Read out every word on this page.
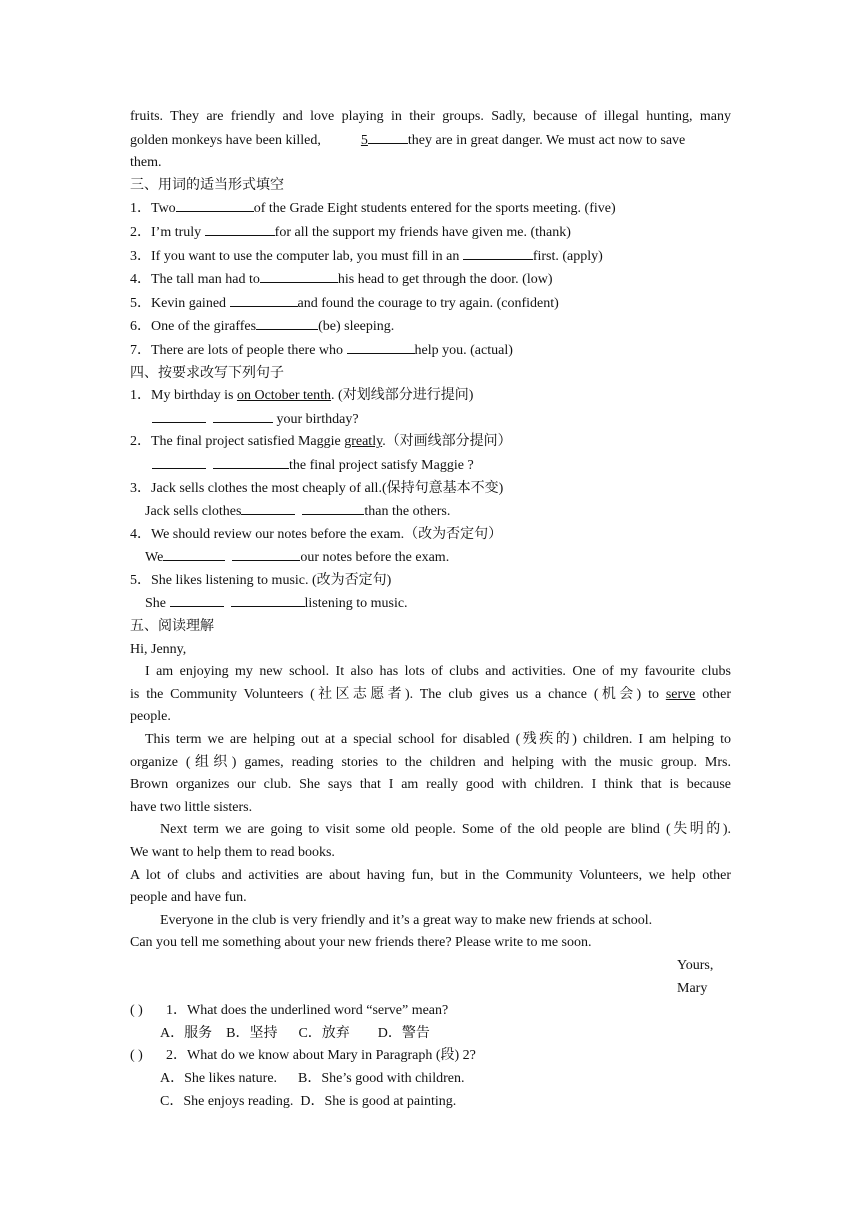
fruits. They are friendly and love playing in their groups. Sadly, because of illegal hunting, many
golden monkeys have been killed,	5	they are in great danger. We must act now to save
them.
三、用词的适当形式填空
1．Two	of the Grade Eight students entered for the sports meeting. (five)
2．I’m truly	for all the support my friends have given me. (thank)
3．If you want to use the computer lab, you must fill in an	first. (apply)
4．The tall man had to	his head to get through the door. (low)
5．Kevin gained	and found the courage to try again. (confident)
6．One of the giraffes	(be) sleeping.
7．There are lots of people there who	help you. (actual)
四、按要求改写下列句子
1．My birthday is on October tenth. (对划线部分进行提问)
your birthday?
2．The final project satisfied Maggie greatly.（对画线部分提问）
the final project satisfy Maggie ?
3．Jack sells clothes the most cheaply of all.(保持句意基本不变)
Jack sells clothes	than the others.
4．We should review our notes before the exam.（改为否定句）
We	our notes before the exam.
5．She likes listening to music. (改为否定句)
She	listening to music.
五、阅读理解
Hi, Jenny,
I am enjoying my new school. It also has lots of clubs and activities. One of my favourite clubs
is the Community Volunteers (社区志愿者). The club gives us a chance (机会) to serve other
people.
This term we are helping out at a special school for disabled (残疾的) children. I am helping to
organize (组织) games, reading stories to the children and helping with the music group. Mrs.
Brown organizes our club. She says that I am really good with children. I think that is because
have two little sisters.
Next term we are going to visit some old people. Some of the old people are blind (失明的).
We want to help them to read books.
A lot of clubs and activities are about having fun, but in the Community Volunteers, we help other
people and have fun.
Everyone in the club is very friendly and it’s a great way to make new friends at school.
Can you tell me something about your new friends there? Please write to me soon.
Yours,
Mary
( ) 1．What does the underlined word “serve” mean?
A．服务    B．坚持      C．放弃        D．警告
( ) 2．What do we know about Mary in Paragraph (段) 2?
A．She likes nature.      B．She’s good with children.
C．She enjoys reading.  D．She is good at painting.
